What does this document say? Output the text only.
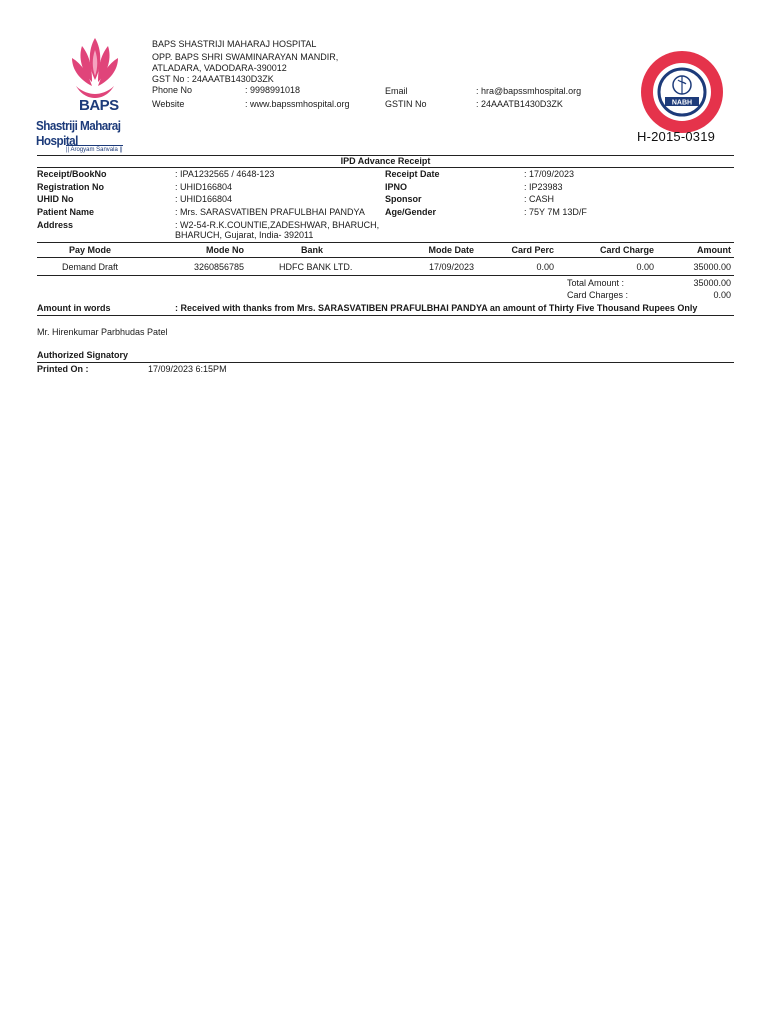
BAPS
Shastriji Maharaj Hospital
|| Arogyam Sanvala ||
BAPS SHASTRIJI MAHARAJ HOSPITAL
OPP. BAPS SHRI SWAMINARAYAN MANDIR,
ATLADARA, VADODARA-390012
GST No : 24AAATB1430D3ZK
Phone No	: 9998991018
Website	: www.bapssmhospital.org
Email	: hra@bapssmhospital.org
GSTIN No	: 24AAATB1430D3ZK	NABH
H-2015-0319
IPD Advance Receipt
Receipt/BookNo	: IPA1232565 / 4648-123
Registration No	: UHID166804
UHID No	: UHID166804
Patient Name	: Mrs. SARASVATIBEN PRAFULBHAI PANDYA
Address	: W2-54-R.K.COUNTIE,ZADESHWAR, BHARUCH,
BHARUCH, Gujarat, India- 392011
Receipt Date	: 17/09/2023
IPNO	: IP23983
Sponsor	: CASH
Age/Gender	: 75Y 7M 13D/F
Pay Mode	Mode No	Bank	Mode Date	Card Perc	Card Charge	Amount
Demand Draft	3260856785	HDFC BANK LTD.	17/09/2023	0.00	0.00	35000.00
Total Amount :	35000.00
Card Charges :	0.00
Amount in words	: Received with thanks from Mrs. SARASVATIBEN PRAFULBHAI PANDYA an amount of Thirty Five Thousand Rupees Only
Mr. Hirenkumar Parbhudas Patel
Authorized Signatory
Printed On :	17/09/2023 6:15PM
